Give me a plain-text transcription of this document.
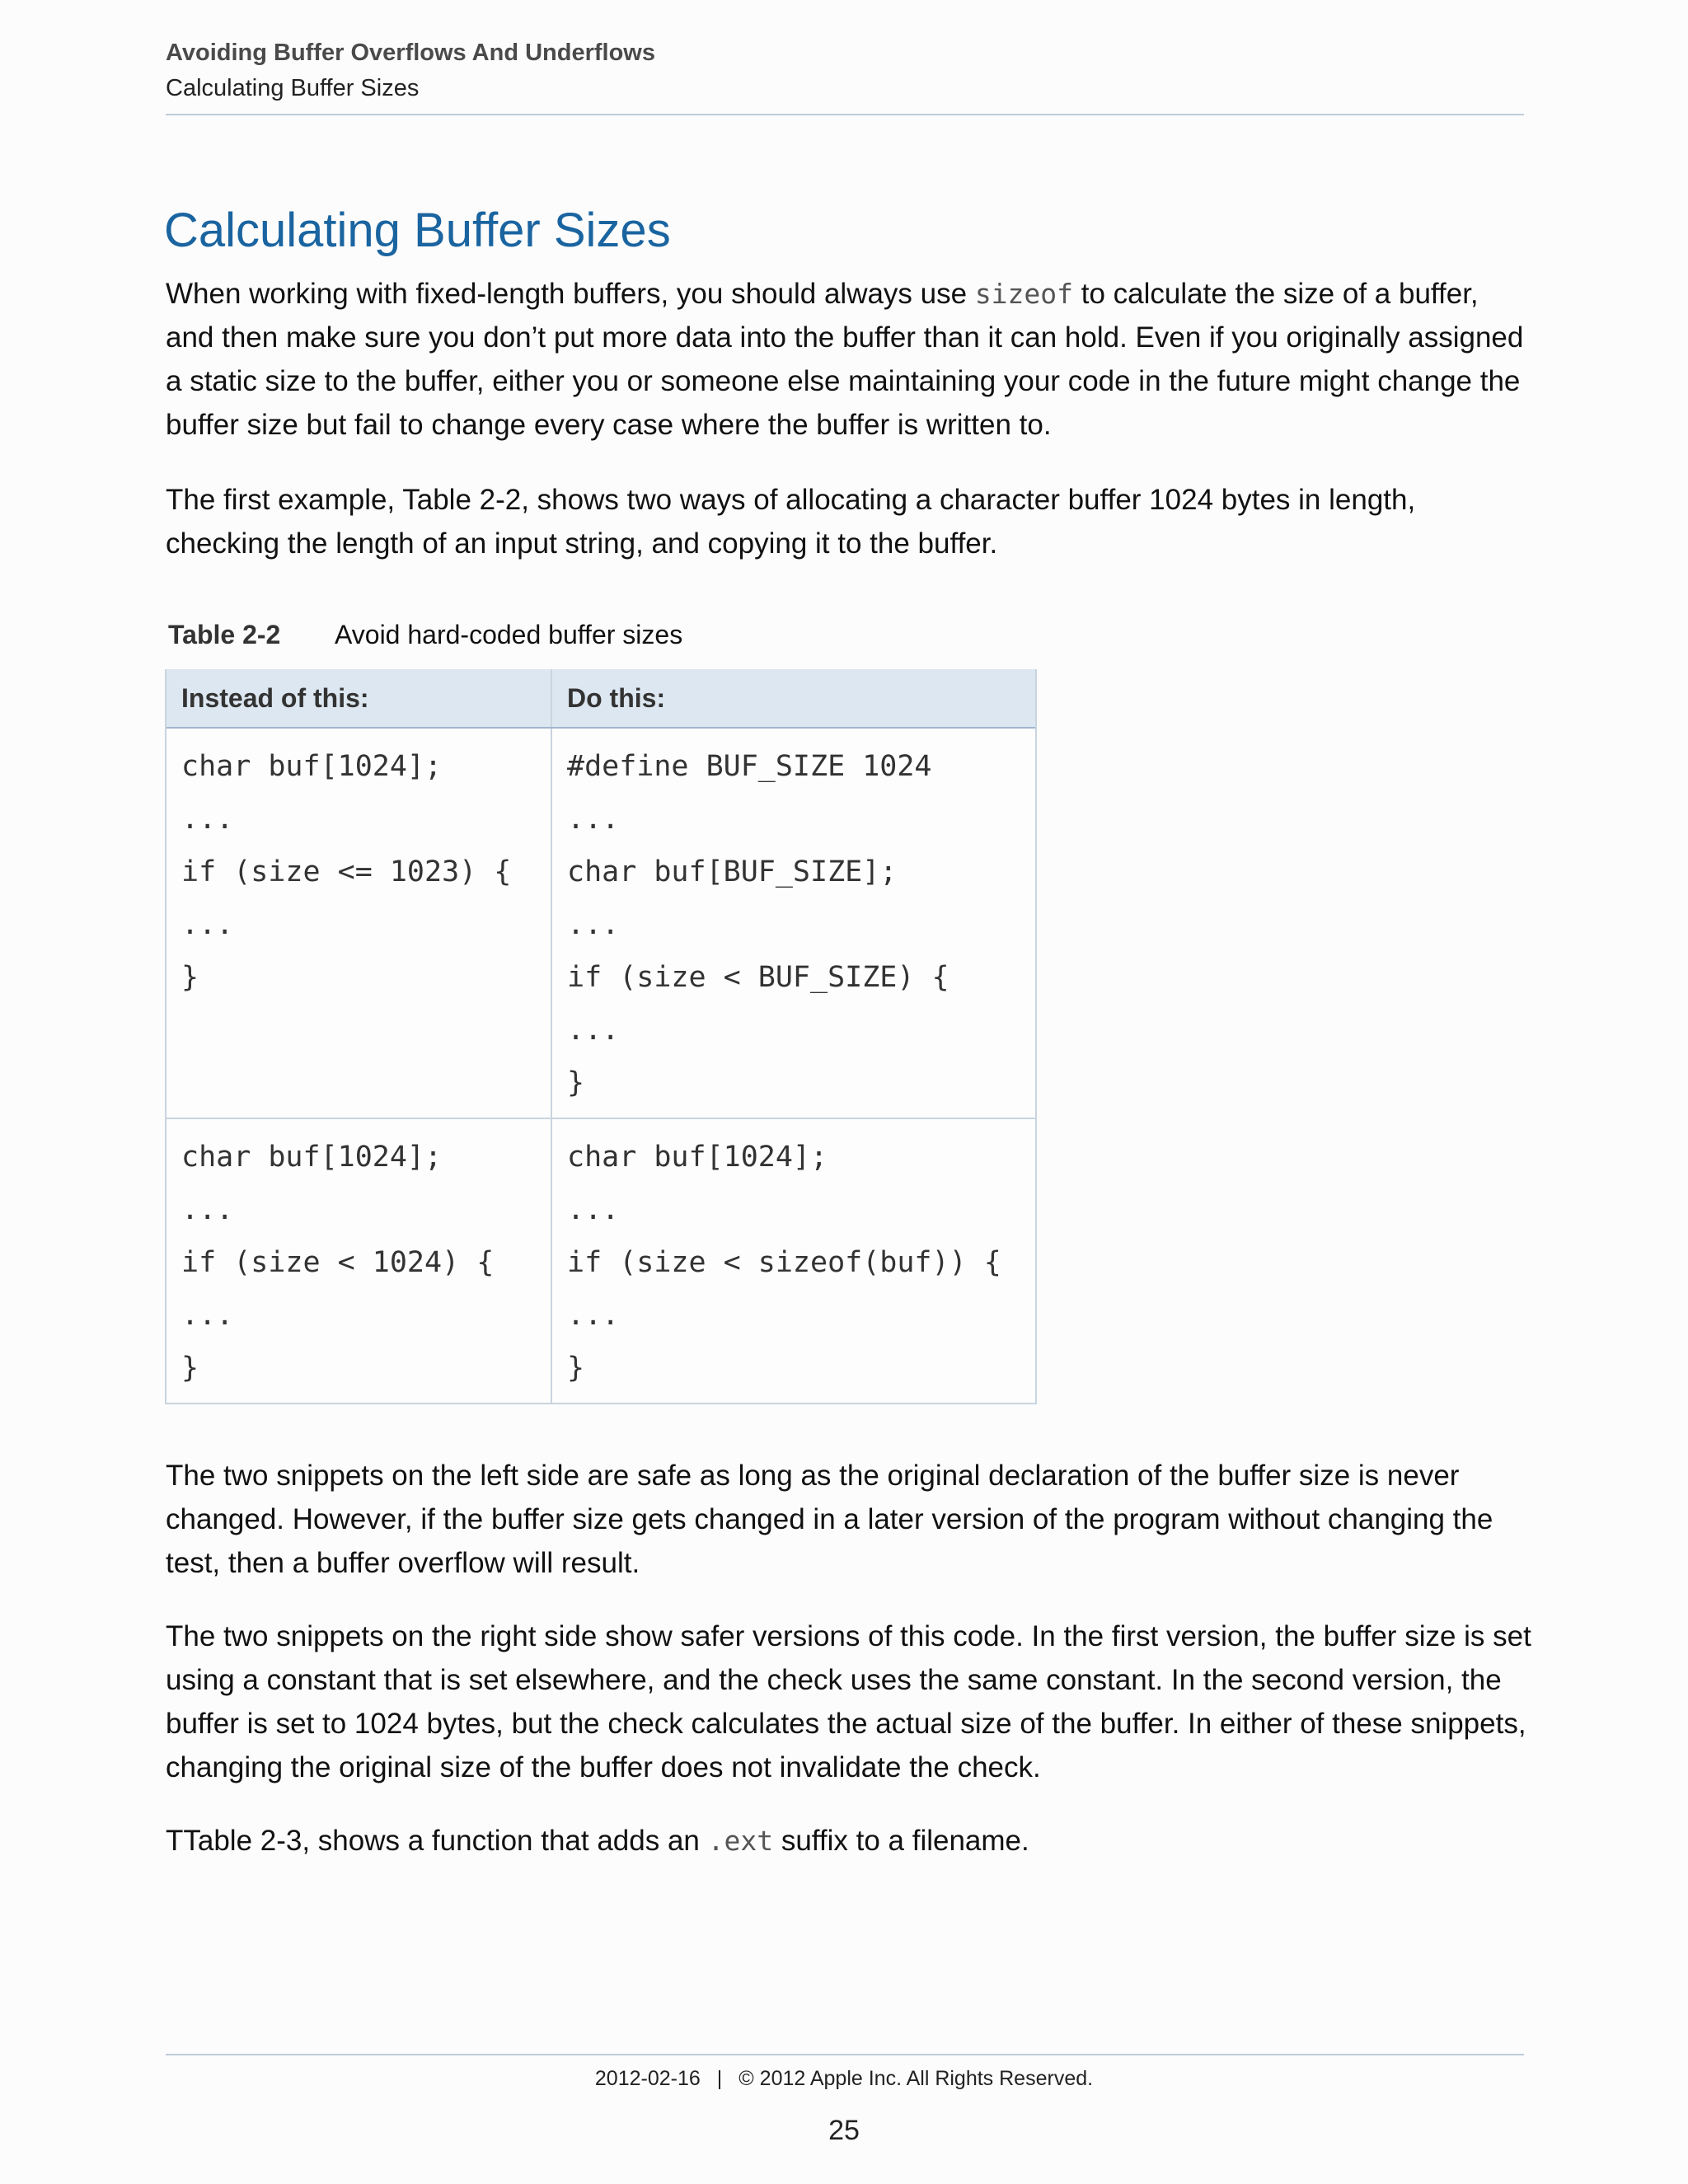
Avoiding Buffer Overflows And Underflows
Calculating Buffer Sizes
Calculating Buffer Sizes

When working with fixed-length buffers, you should always use sizeof to calculate the size of a buffer, and then make sure you don’t put more data into the buffer than it can hold. Even if you originally assigned a static size to the buffer, either you or someone else maintaining your code in the future might change the buffer size but fail to change every case where the buffer is written to.

The first example, Table 2-2, shows two ways of allocating a character buffer 1024 bytes in length, checking the length of an input string, and copying it to the buffer.

Table 2-2 Avoid hard-coded buffer sizes
Instead of this:	Do this:
char buf[1024];
...
if (size <= 1023) {
...
}
#define BUF_SIZE 1024
...
char buf[BUF_SIZE];
...
if (size < BUF_SIZE) {
...
}
char buf[1024];
...
if (size < 1024) {
...
}
char buf[1024];
...
if (size < sizeof(buf)) {
...
}

The two snippets on the left side are safe as long as the original declaration of the buffer size is never changed. However, if the buffer size gets changed in a later version of the program without changing the test, then a buffer overflow will result.

The two snippets on the right side show safer versions of this code. In the first version, the buffer size is set using a constant that is set elsewhere, and the check uses the same constant. In the second version, the buffer is set to 1024 bytes, but the check calculates the actual size of the buffer. In either of these snippets, changing the original size of the buffer does not invalidate the check.

TTable 2-3, shows a function that adds an .ext suffix to a filename.

2012-02-16 | © 2012 Apple Inc. All Rights Reserved.
25
